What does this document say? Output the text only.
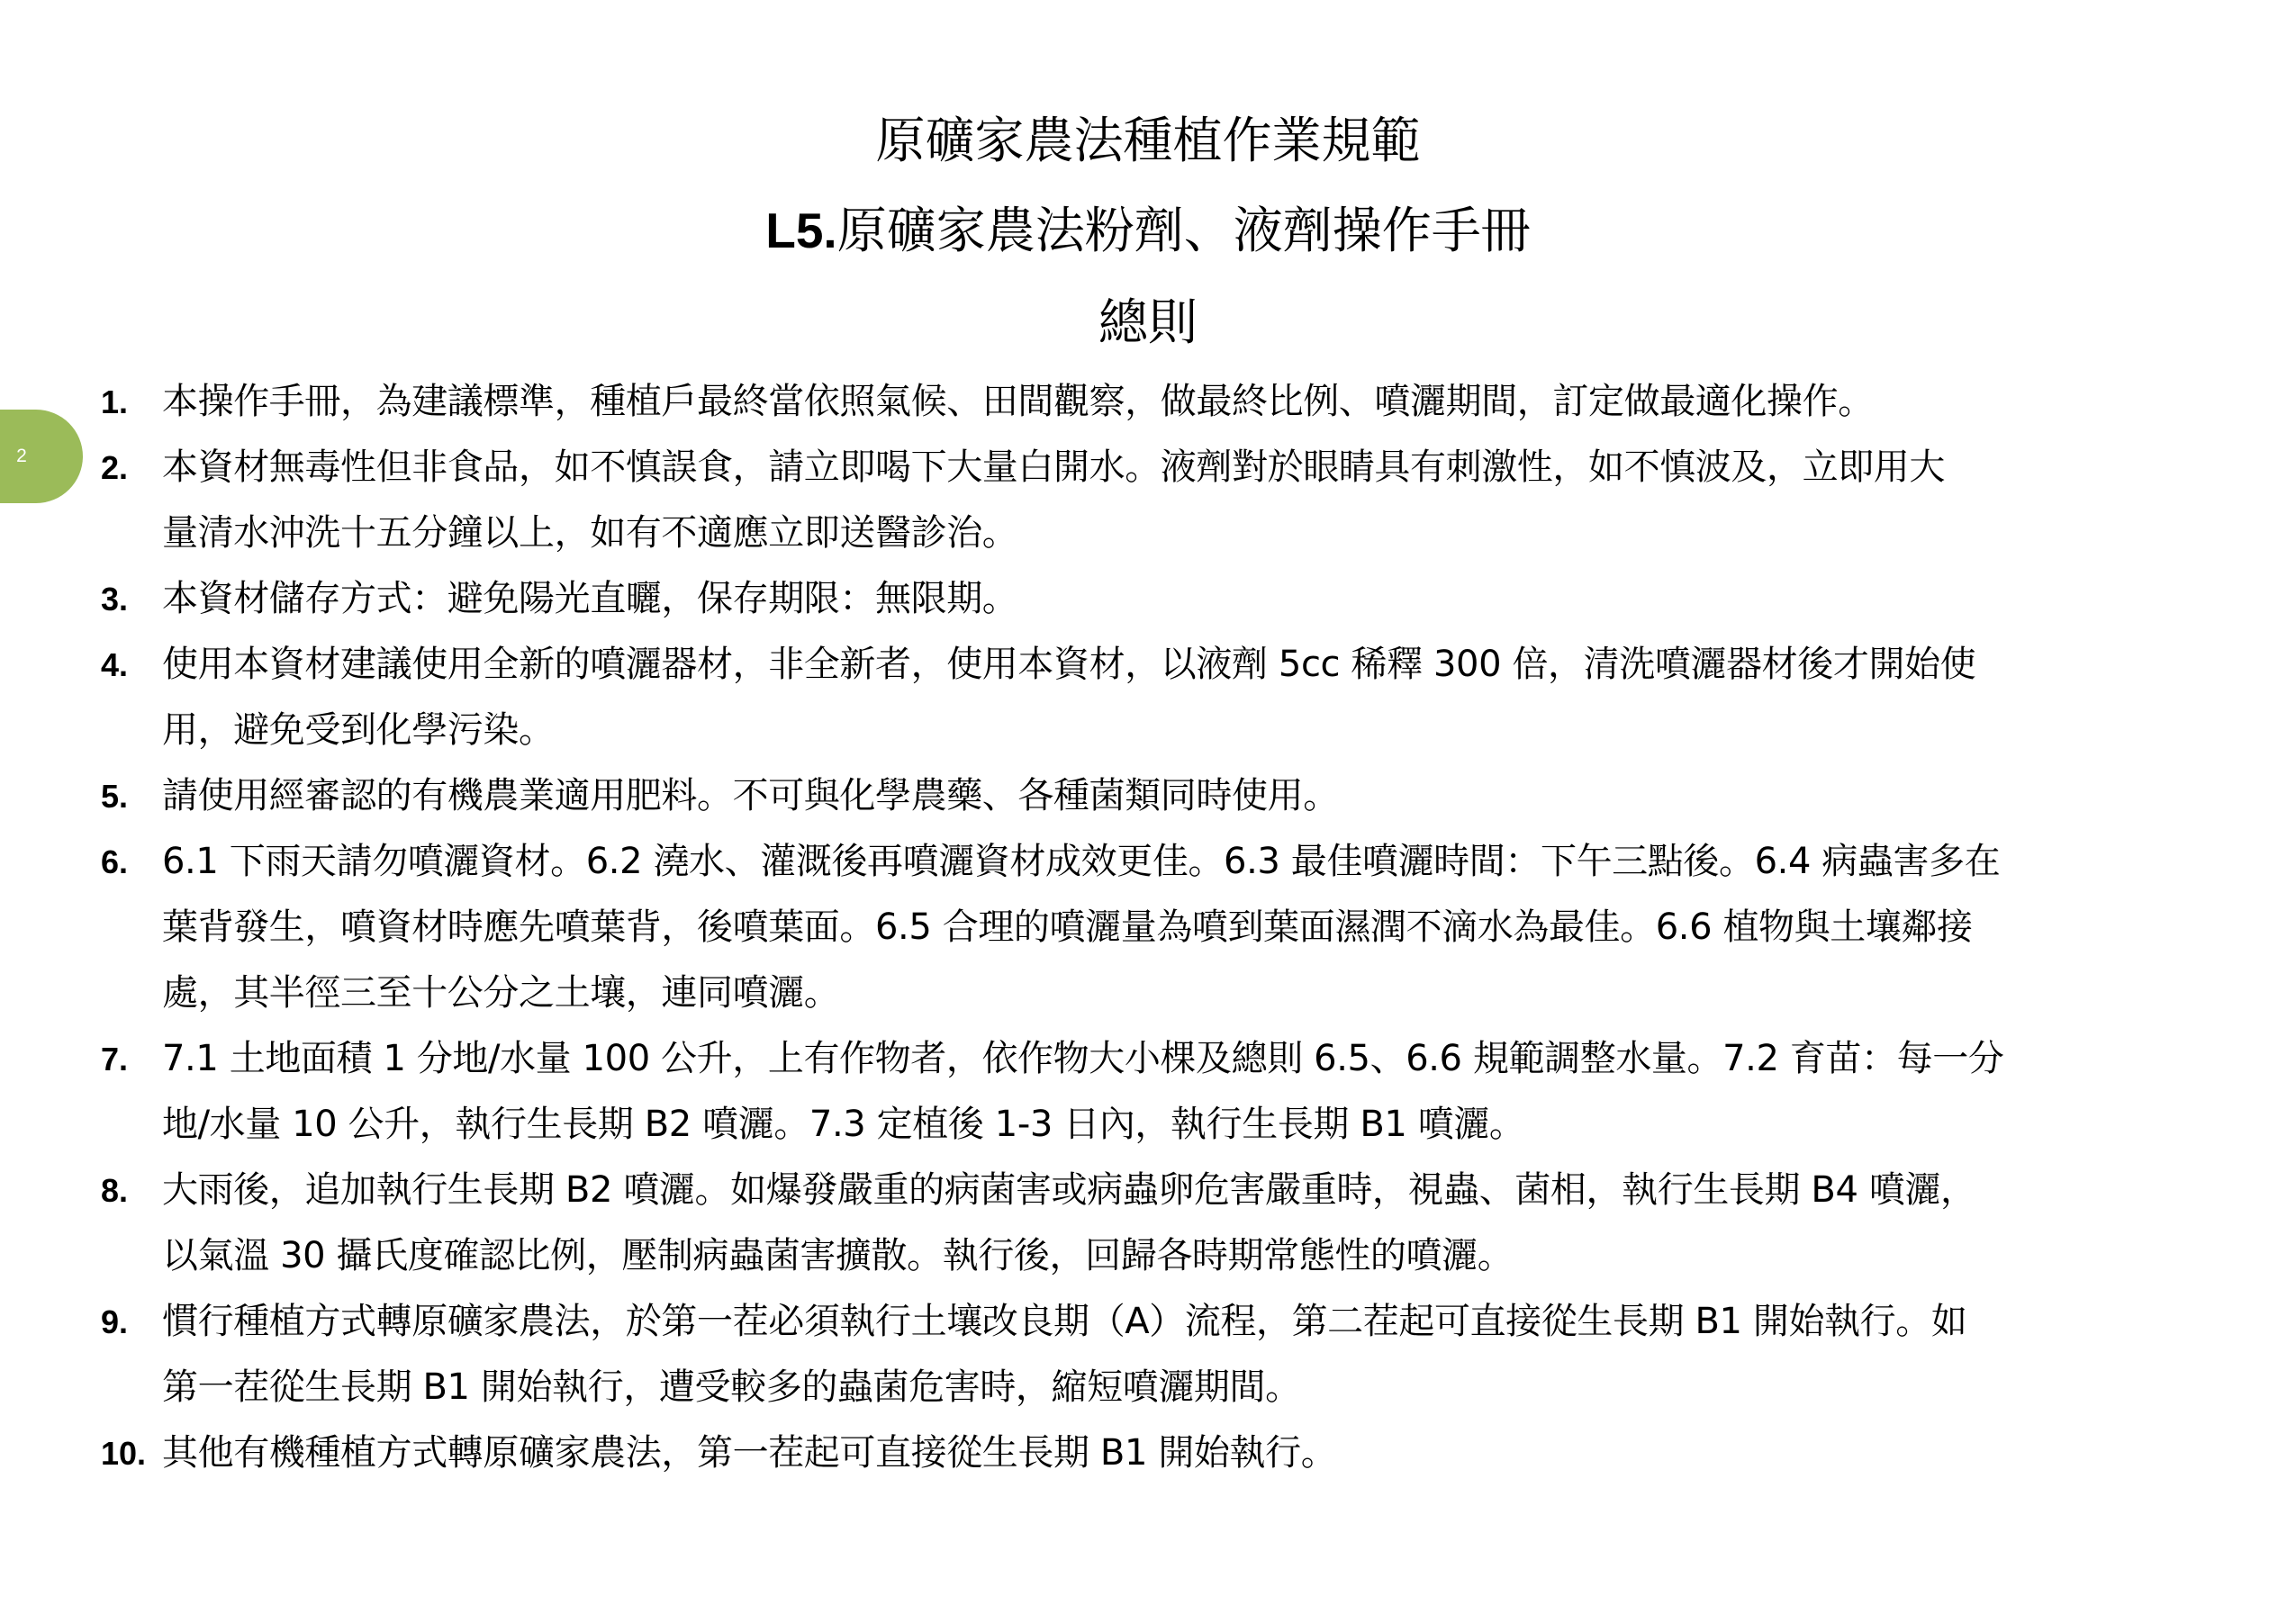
2
原礦家農法種植作業規範
L5.原礦家農法粉劑、液劑操作手冊
總則
1. 本操作手冊，為建議標準，種植戶最終當依照氣候、田間觀察，做最終比例、噴灑期間，訂定做最適化操作。
2. 本資材無毒性但非食品，如不慎誤食，請立即喝下大量白開水。液劑對於眼睛具有刺激性，如不慎波及，立即用大
量清水沖洗十五分鐘以上，如有不適應立即送醫診治。
3. 本資材儲存方式：避免陽光直曬，保存期限：無限期。
4. 使用本資材建議使用全新的噴灑器材，非全新者，使用本資材，以液劑 5cc 稀釋 300 倍，清洗噴灑器材後才開始使
用，避免受到化學污染。
5. 請使用經審認的有機農業適用肥料。不可與化學農藥、各種菌類同時使用。
6. 6.1 下雨天請勿噴灑資材。6.2 澆水、灌溉後再噴灑資材成效更佳。6.3 最佳噴灑時間：下午三點後。6.4 病蟲害多在
葉背發生，噴資材時應先噴葉背，後噴葉面。6.5 合理的噴灑量為噴到葉面濕潤不滴水為最佳。6.6 植物與土壤鄰接
處，其半徑三至十公分之土壤，連同噴灑。
7. 7.1 土地面積 1 分地/水量 100 公升，上有作物者，依作物大小棵及總則 6.5、6.6 規範調整水量。7.2 育苗：每一分
地/水量 10 公升，執行生長期 B2 噴灑。7.3 定植後 1-3 日內，執行生長期 B1 噴灑。
8. 大雨後，追加執行生長期 B2 噴灑。如爆發嚴重的病菌害或病蟲卵危害嚴重時，視蟲、菌相，執行生長期 B4 噴灑，
以氣溫 30 攝氏度確認比例，壓制病蟲菌害擴散。執行後，回歸各時期常態性的噴灑。
9. 慣行種植方式轉原礦家農法，於第一茬必須執行土壤改良期（A）流程，第二茬起可直接從生長期 B1 開始執行。如
第一茬從生長期 B1 開始執行，遭受較多的蟲菌危害時，縮短噴灑期間。
10. 其他有機種植方式轉原礦家農法，第一茬起可直接從生長期 B1 開始執行。
